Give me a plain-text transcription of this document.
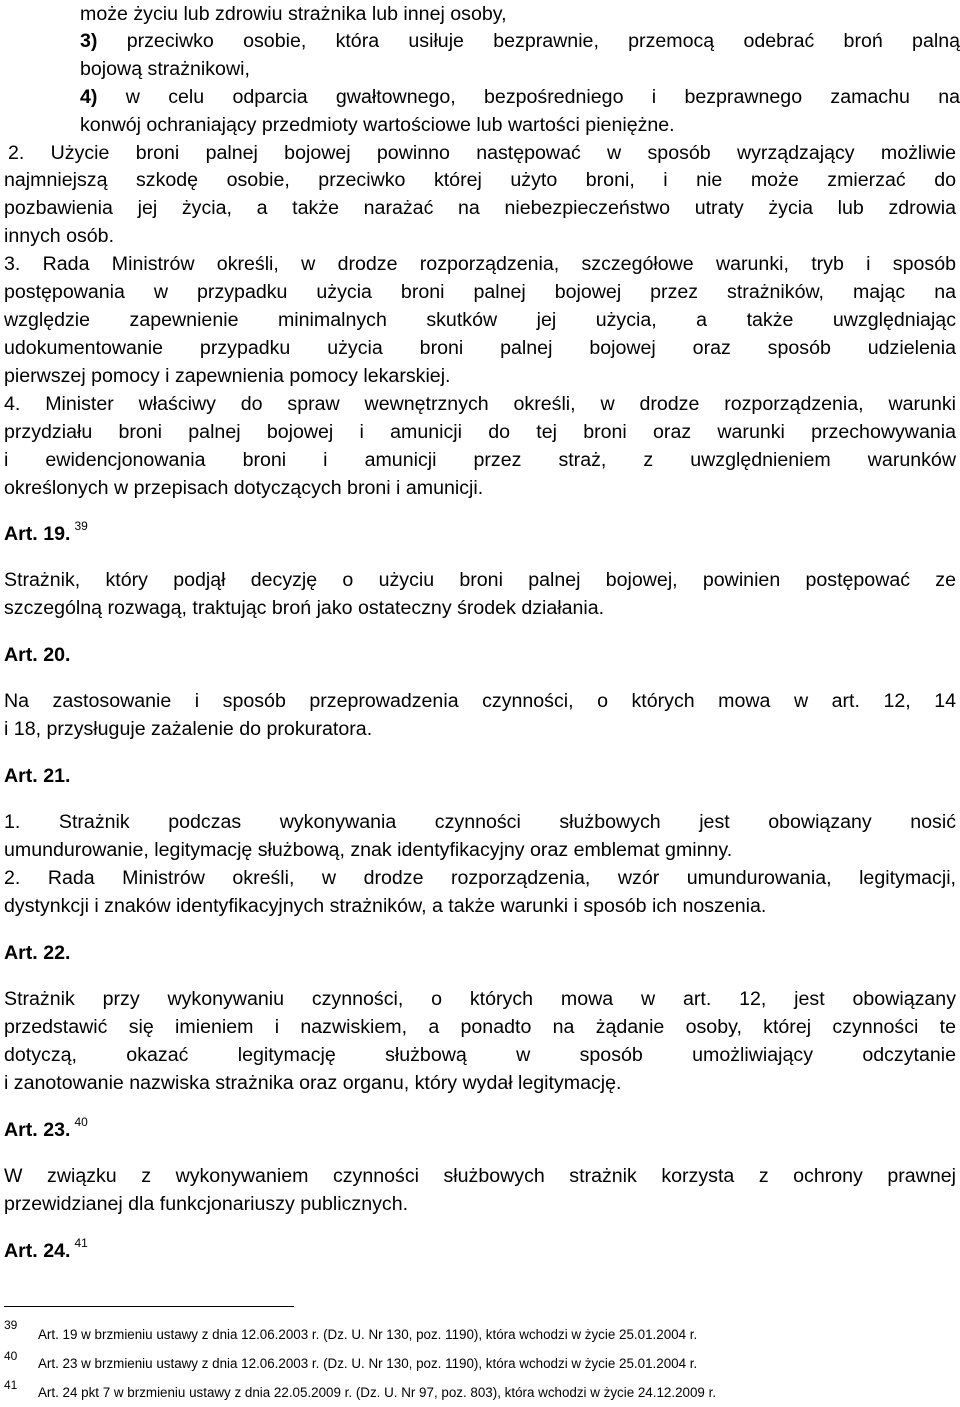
może życiu lub zdrowiu strażnika lub innej osoby,
3) przeciwko osobie, która usiłuje bezprawnie, przemocą odebrać broń palną
bojową strażnikowi,
4) w celu odparcia gwałtownego, bezpośredniego i bezprawnego zamachu na
konwój ochraniający przedmioty wartościowe lub wartości pieniężne.
2. Użycie broni palnej bojowej powinno następować w sposób wyrządzający możliwie
najmniejszą szkodę osobie, przeciwko której użyto broni, i nie może zmierzać do
pozbawienia jej życia, a także narażać na niebezpieczeństwo utraty życia lub zdrowia
innych osób.
3. Rada Ministrów określi, w drodze rozporządzenia, szczegółowe warunki, tryb i sposób
postępowania w przypadku użycia broni palnej bojowej przez strażników, mając na
względzie zapewnienie minimalnych skutków jej użycia, a także uwzględniając
udokumentowanie przypadku użycia broni palnej bojowej oraz sposób udzielenia
pierwszej pomocy i zapewnienia pomocy lekarskiej.
4. Minister właściwy do spraw wewnętrznych określi, w drodze rozporządzenia, warunki
przydziału broni palnej bojowej i amunicji do tej broni oraz warunki przechowywania
i ewidencjonowania broni i amunicji przez straż, z uwzględnieniem warunków
określonych w przepisach dotyczących broni i amunicji.
Art. 19. $^{39}$
Strażnik, który podjął decyzję o użyciu broni palnej bojowej, powinien postępować ze
szczególną rozwagą, traktując broń jako ostateczny środek działania.
Art. 20.
Na zastosowanie i sposób przeprowadzenia czynności, o których mowa w art. 12, 14
i 18, przysługuje zażalenie do prokuratora.
Art. 21.
1. Strażnik podczas wykonywania czynności służbowych jest obowiązany nosić
umundurowanie, legitymację służbową, znak identyfikacyjny oraz emblemat gminny.
2. Rada Ministrów określi, w drodze rozporządzenia, wzór umundurowania, legitymacji,
dystynkcji i znaków identyfikacyjnych strażników, a także warunki i sposób ich noszenia.
Art. 22.
Strażnik przy wykonywaniu czynności, o których mowa w art. 12, jest obowiązany
przedstawić się imieniem i nazwiskiem, a ponadto na żądanie osoby, której czynności te
dotyczą, okazać legitymację służbową w sposób umożliwiający odczytanie
i zanotowanie nazwiska strażnika oraz organu, który wydał legitymację.
Art. 23. $^{40}$
W związku z wykonywaniem czynności służbowych strażnik korzysta z ochrony prawnej
przewidzianej dla funkcjonariuszy publicznych.
Art. 24. $^{41}$
39
Art. 19 w brzmieniu ustawy z dnia 12.06.2003 r. (Dz. U. Nr 130, poz. 1190), która wchodzi w życie 25.01.2004 r.
40 Art. 23 w brzmieniu ustawy z dnia 12.06.2003 r. (Dz. U. Nr 130, poz. 1190), która wchodzi w życie 25.01.2004 r.
41 Art. 24 pkt 7 w brzmieniu ustawy z dnia 22.05.2009 r. (Dz. U. Nr 97, poz. 803), która wchodzi w życie 24.12.2009 r.
